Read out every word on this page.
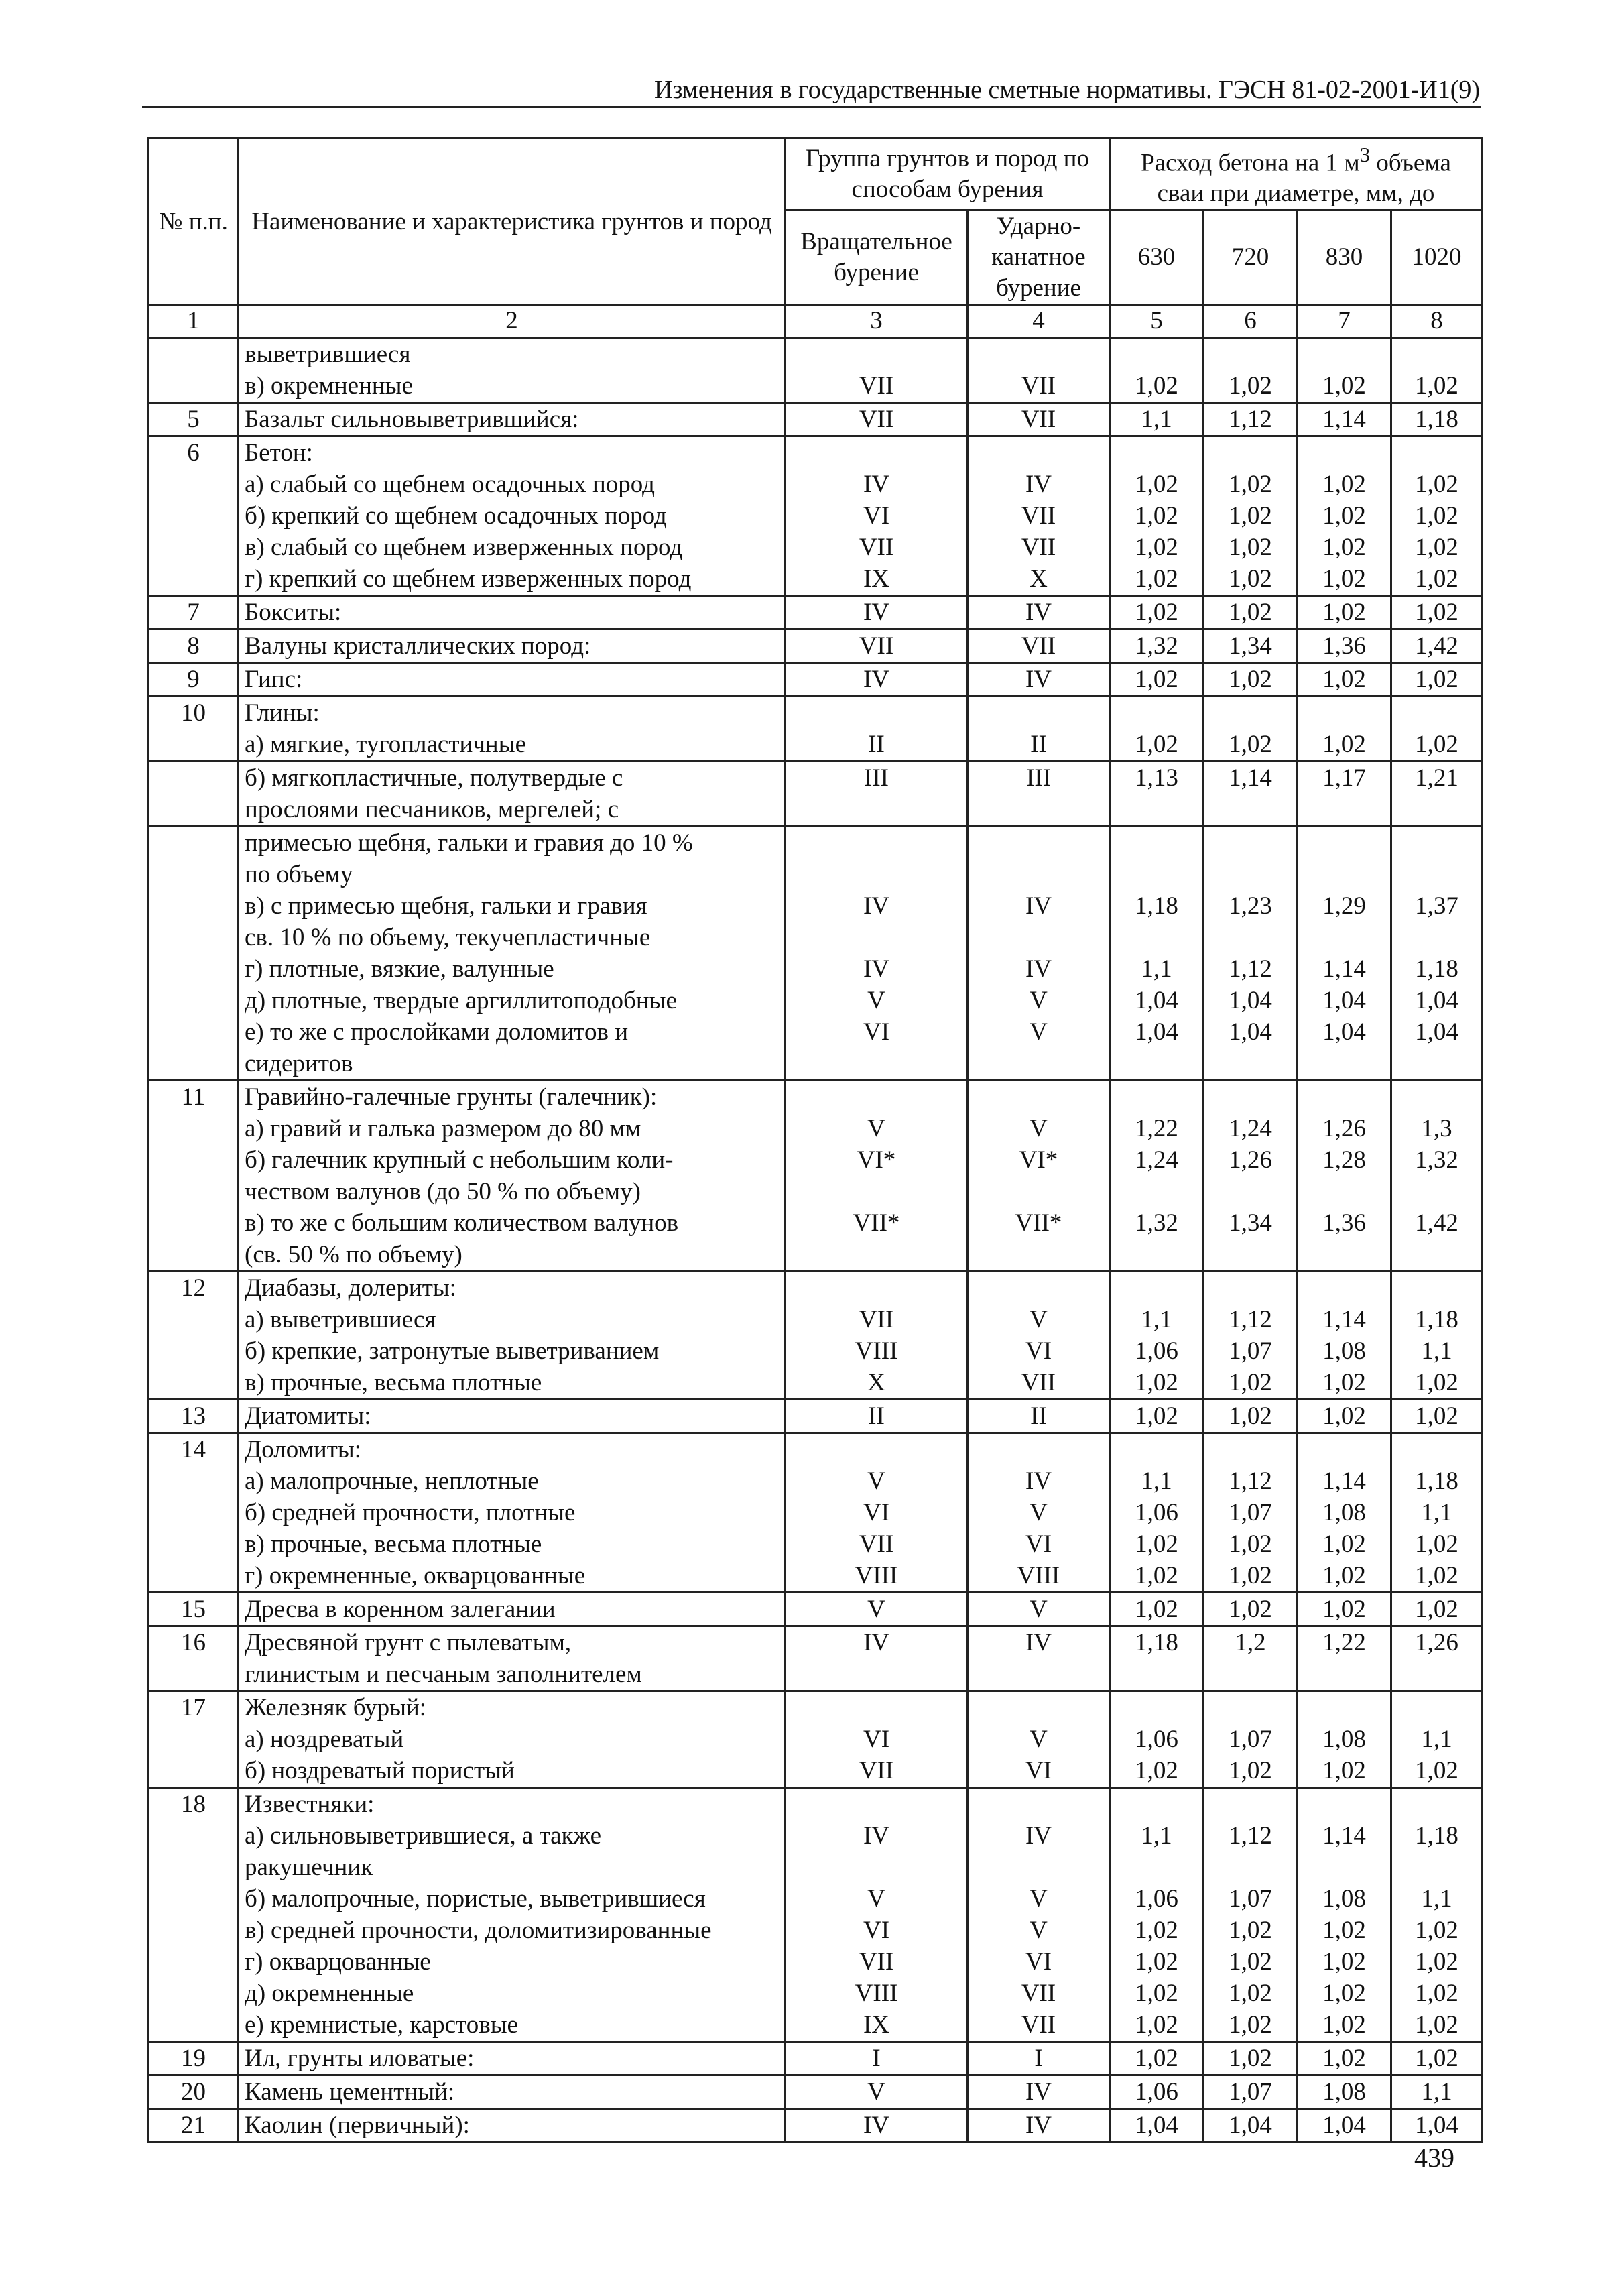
Изменения в государственные сметные нормативы. ГЭСН 81-02-2001-И1(9)
№ п.п.	Наименование и характеристика грунтов и пород	Группа грунтов и пород по способам бурения		Расход бетона на 1 $м^3$ объема сваи при диаметре, мм, до			
		Вращательное бурение	Ударно-канатное бурение	630	720	830	1020
1	2	3	4	5	6	7	8
	выветрившиеся						
	в) окремненные	VII	VII	1,02	1,02	1,02	1,02
5	Базальт сильновыветрившийся:	VII	VII	1,1	1,12	1,14	1,18
6	Бетон:						
	а) слабый со щебнем осадочных пород	IV	IV	1,02	1,02	1,02	1,02
	б) крепкий со щебнем осадочных пород	VI	VII	1,02	1,02	1,02	1,02
	в) слабый со щебнем изверженных пород	VII	VII	1,02	1,02	1,02	1,02
	г) крепкий со щебнем изверженных пород	IX	X	1,02	1,02	1,02	1,02
7	Бокситы:	IV	IV	1,02	1,02	1,02	1,02
8	Валуны кристаллических пород:	VII	VII	1,32	1,34	1,36	1,42
9	Гипс:	IV	IV	1,02	1,02	1,02	1,02
10	Глины:						
	а) мягкие, тугопластичные	II	II	1,02	1,02	1,02	1,02
	б) мягкопластичные, полутвердые с	III	III	1,13	1,14	1,17	1,21
	прослоями песчаников, мергелей; с						
	примесью щебня, гальки и гравия до 10 %						
	по объему						
	в) с примесью щебня, гальки и гравия	IV	IV	1,18	1,23	1,29	1,37
	св. 10 % по объему, текучепластичные						
	г) плотные, вязкие, валунные	IV	IV	1,1	1,12	1,14	1,18
	д) плотные, твердые аргиллитоподобные	V	V	1,04	1,04	1,04	1,04
	е) то же с прослойками доломитов и	VI	V	1,04	1,04	1,04	1,04
	сидеритов						
11	Гравийно-галечные грунты (галечник):						
	а) гравий и галька размером до 80 мм	V	V	1,22	1,24	1,26	1,3
	б) галечник крупный с небольшим коли-	VI*	VI*	1,24	1,26	1,28	1,32
	чеством валунов (до 50 % по объему)						
	в) то же с большим количеством валунов	VII*	VII*	1,32	1,34	1,36	1,42
	(св. 50 % по объему)						
12	Диабазы, долериты:						
	а) выветрившиеся	VII	V	1,1	1,12	1,14	1,18
	б) крепкие, затронутые выветриванием	VIII	VI	1,06	1,07	1,08	1,1
	в) прочные, весьма плотные	X	VII	1,02	1,02	1,02	1,02
13	Диатомиты:	II	II	1,02	1,02	1,02	1,02
14	Доломиты:						
	а) малопрочные, неплотные	V	IV	1,1	1,12	1,14	1,18
	б) средней прочности, плотные	VI	V	1,06	1,07	1,08	1,1
	в) прочные, весьма плотные	VII	VI	1,02	1,02	1,02	1,02
	г) окремненные, окварцованные	VIII	VIII	1,02	1,02	1,02	1,02
15	Дресва в коренном залегании	V	V	1,02	1,02	1,02	1,02
16	Дресвяной грунт с пылеватым,	IV	IV	1,18	1,2	1,22	1,26
	глинистым и песчаным заполнителем						
17	Железняк бурый:						
	а) ноздреватый	VI	V	1,06	1,07	1,08	1,1
	б) ноздреватый пористый	VII	VI	1,02	1,02	1,02	1,02
18	Известняки:						
	а) сильновыветрившиеся, а также	IV	IV	1,1	1,12	1,14	1,18
	ракушечник						
	б) малопрочные, пористые, выветрившиеся	V	V	1,06	1,07	1,08	1,1
	в) средней прочности, доломитизированные	VI	V	1,02	1,02	1,02	1,02
	г) окварцованные	VII	VI	1,02	1,02	1,02	1,02
	д) окремненные	VIII	VII	1,02	1,02	1,02	1,02
	е) кремнистые, карстовые	IX	VII	1,02	1,02	1,02	1,02
19	Ил, грунты иловатые:	I	I	1,02	1,02	1,02	1,02
20	Камень цементный:	V	IV	1,06	1,07	1,08	1,1
21	Каолин (первичный):	IV	IV	1,04	1,04	1,04	1,04
439
